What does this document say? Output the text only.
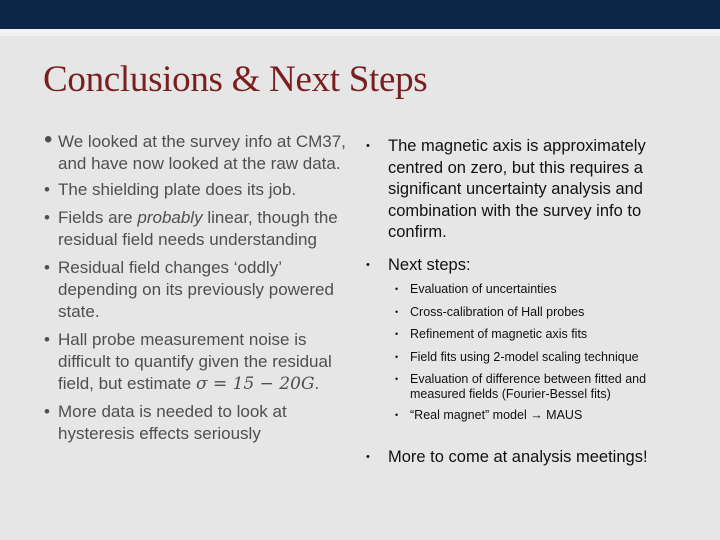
Conclusions & Next Steps
• We looked at the survey info at CM37, and have now looked at the raw data.
• The shielding plate does its job.
• Fields are probably linear, though the residual field needs understanding
• Residual field changes ‘oddly’ depending on its previously powered state.
• Hall probe measurement noise is difficult to quantify given the residual field, but estimate σ = 15 − 20G.
• More data is needed to look at hysteresis effects seriously
• The magnetic axis is approximately centred on zero, but this requires a significant uncertainty analysis and combination with the survey info to confirm.
• Next steps:
• Evaluation of uncertainties
• Cross-calibration of Hall probes
• Refinement of magnetic axis fits
• Field fits using 2-model scaling technique
• Evaluation of difference between fitted and measured fields (Fourier-Bessel fits)
• “Real magnet” model → MAUS
• More to come at analysis meetings!
